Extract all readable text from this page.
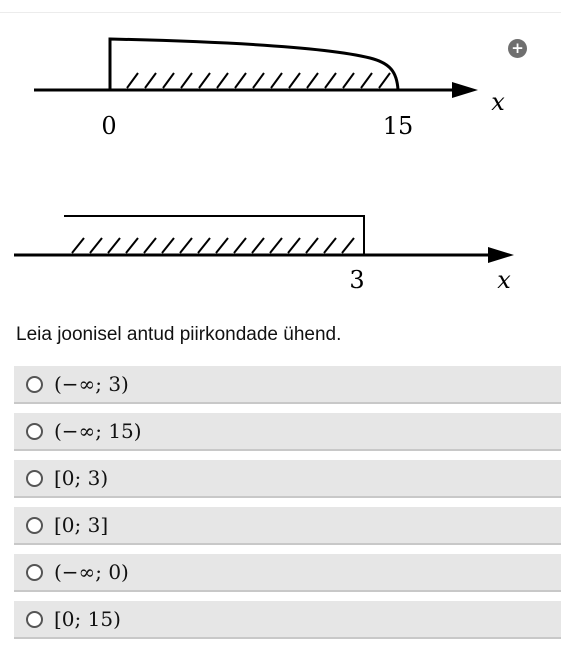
0	15
x
3	x
+
Leia joonisel antud piirkondade ühend.
(−∞; 3)
(−∞; 15)
[0; 3)
[0; 3]
(−∞; 0)
[0; 15)
